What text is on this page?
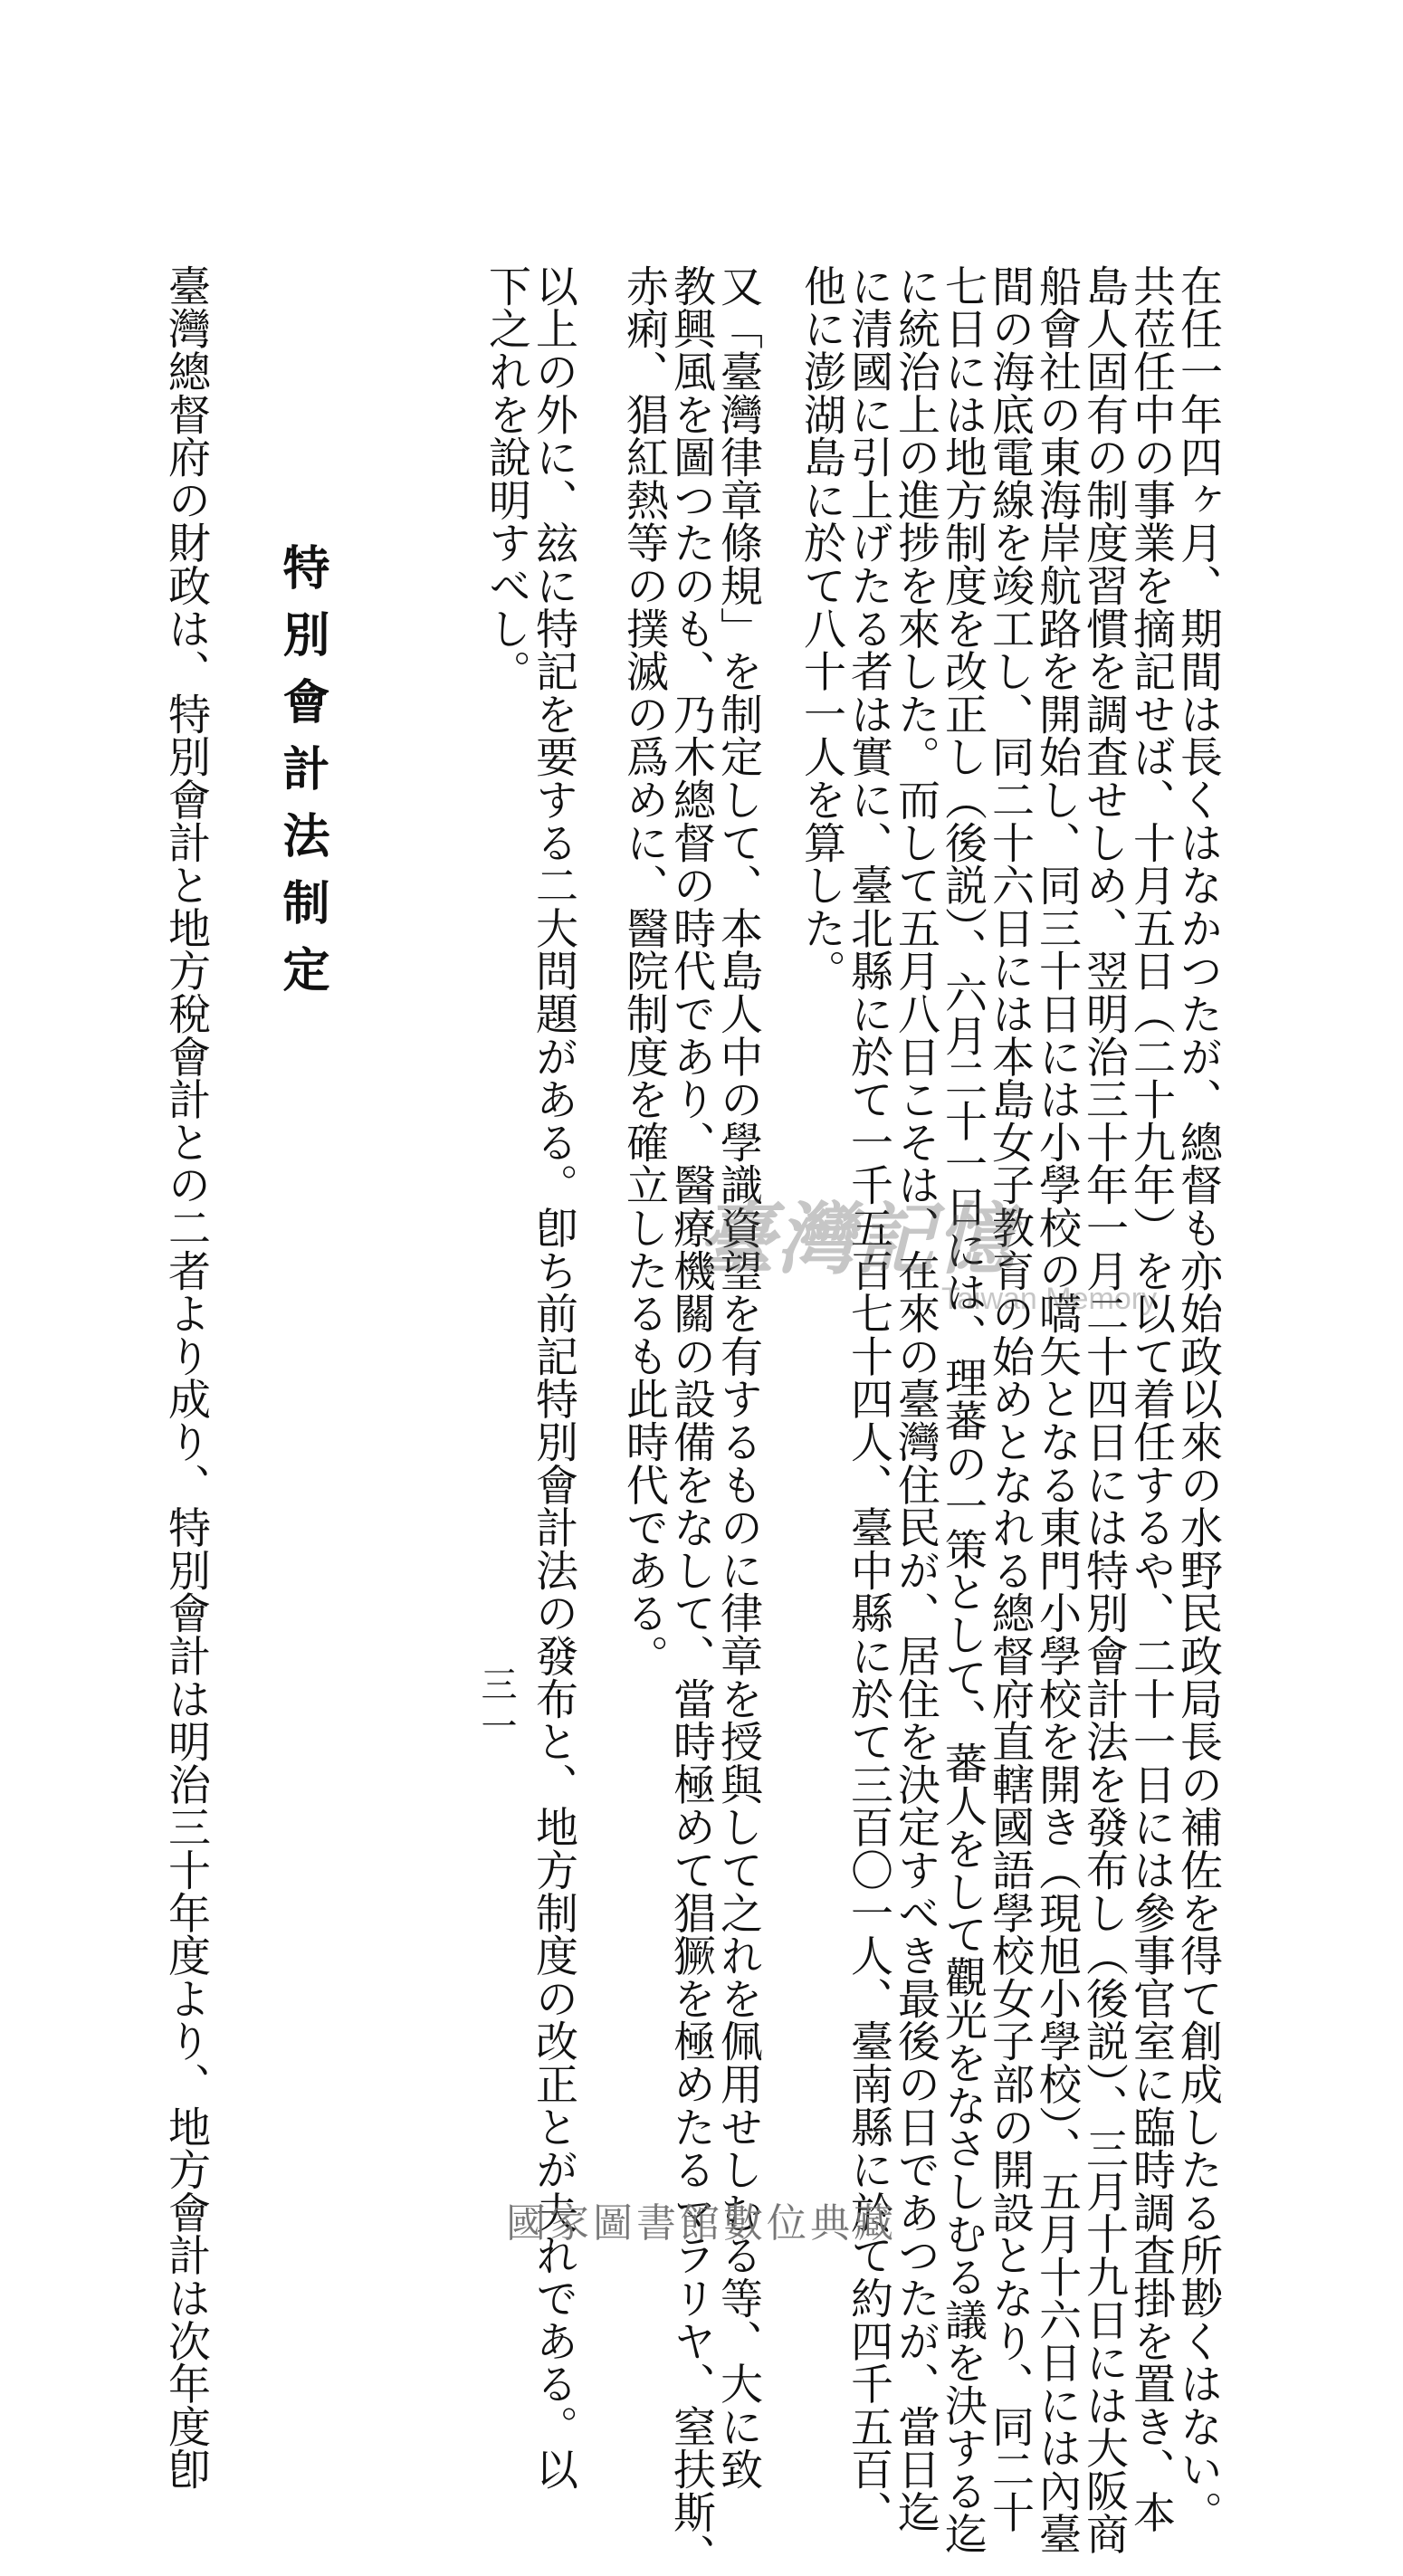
在任一年四ヶ月、期間は長くはなかつたが、總督も亦始政以來の水野民政局長の補佐を得て創成したる所尠くはない。
共莅任中の事業を摘記せば、十月五日（二十九年）を以て着任するや、二十一日には參事官室に臨時調査掛を置き、本
島人固有の制度習慣を調査せしめ、翌明治三十年一月二十四日には特別會計法を發布し（後説）、三月十九日には大阪商
船會社の東海岸航路を開始し、同三十日には小學校の嚆矢となる東門小學校を開き（現旭小學校）、五月十六日には內臺
間の海底電線を竣工し、同二十六日には本島女子教育の始めとなれる總督府直轄國語學校女子部の開設となり、同二十
七日には地方制度を改正し（後説）、六月二十一日には、理蕃の一策として、蕃人をして觀光をなさしむる議を決する迄
に統治上の進捗を來した。而して五月八日こそは、在來の臺灣住民が、居住を決定すべき最後の日であつたが、當日迄
に清國に引上げたる者は實に、臺北縣に於て一千五百七十四人、臺中縣に於て三百〇一人、臺南縣に於て約四千五百、
他に澎湖島に於て八十一人を算した。
又「臺灣律章條規」を制定して、本島人中の學識資望を有するものに律章を授與して之れを佩用せしむる等、大に致
教興風を圖つたのも、乃木總督の時代であり、醫療機關の設備をなして、當時極めて猖獗を極めたるマラリヤ、窒扶斯、
赤痢、猖紅熱等の撲滅の爲めに、醫院制度を確立したるも此時代である。
以上の外に、玆に特記を要する二大問題がある。卽ち前記特別會計法の發布と、地方制度の改正とが夫れである。以
下之れを說明すべし。
特別會計法制定
臺灣總督府の財政は、特別會計と地方稅會計との二者より成り、特別會計は明治三十年度より、地方會計は次年度卽	三一
臺灣記憶
Taiwan Memory
國家圖書館數位典藏
